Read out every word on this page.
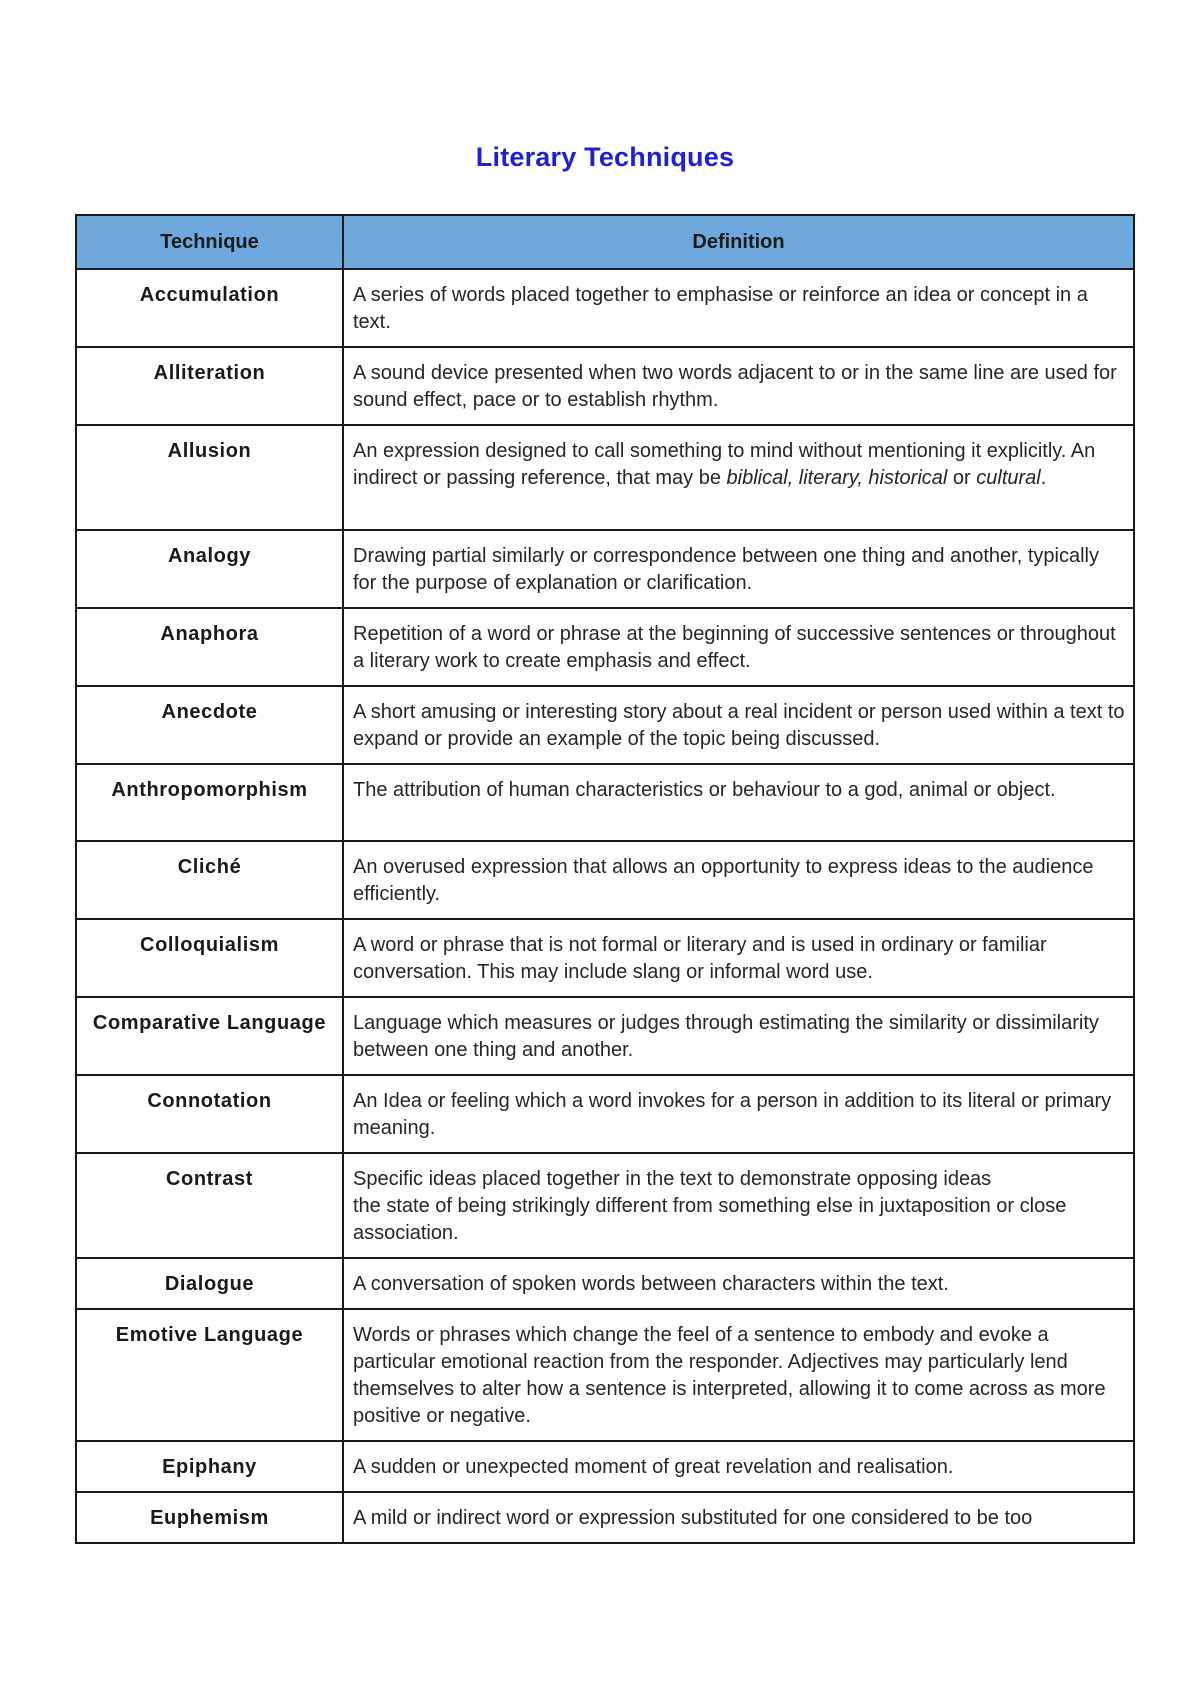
Literary Techniques
Technique	Definition
Accumulation	A series of words placed together to emphasise or reinforce an idea or concept in a text.
Alliteration	A sound device presented when two words adjacent to or in the same line are used for sound effect, pace or to establish rhythm.
Allusion	An expression designed to call something to mind without mentioning it explicitly. An indirect or passing reference, that may be biblical, literary, historical or cultural.
Analogy	Drawing partial similarly or correspondence between one thing and another, typically for the purpose of explanation or clarification.
Anaphora	Repetition of a word or phrase at the beginning of successive sentences or throughout a literary work to create emphasis and effect.
Anecdote	A short amusing or interesting story about a real incident or person used within a text to expand or provide an example of the topic being discussed.
Anthropomorphism	The attribution of human characteristics or behaviour to a god, animal or object.
Cliché	An overused expression that allows an opportunity to express ideas to the audience efficiently.
Colloquialism	A word or phrase that is not formal or literary and is used in ordinary or familiar conversation. This may include slang or informal word use.
Comparative Language	Language which measures or judges through estimating the similarity or dissimilarity between one thing and another.
Connotation	An Idea or feeling which a word invokes for a person in addition to its literal or primary meaning.
Contrast	Specific ideas placed together in the text to demonstrate opposing ideas
the state of being strikingly different from something else in juxtaposition or close association.

Dialogue	A conversation of spoken words between characters within the text.
Emotive Language	Words or phrases which change the feel of a sentence to embody and evoke a particular emotional reaction from the responder. Adjectives may particularly lend themselves to alter how a sentence is interpreted, allowing it to come across as more positive or negative.
Epiphany	A sudden or unexpected moment of great revelation and realisation.
Euphemism	A mild or indirect word or expression substituted for one considered to be too
